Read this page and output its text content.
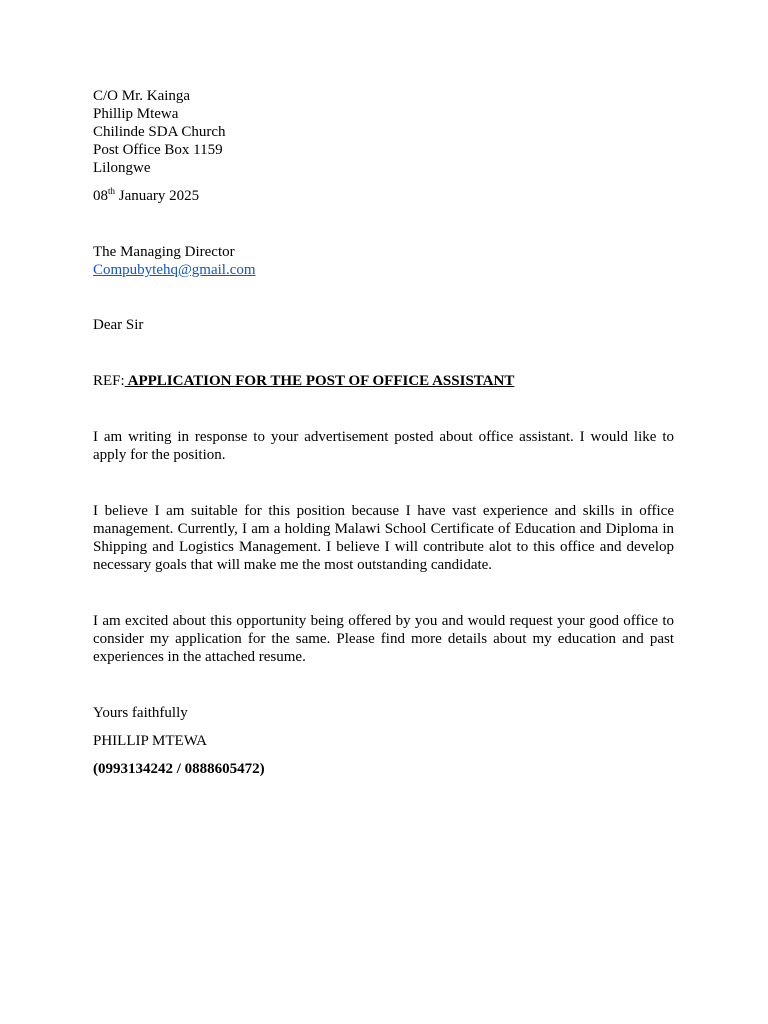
C/O Mr. Kainga
Phillip Mtewa
Chilinde SDA Church
Post Office Box 1159
Lilongwe
08th January 2025
The Managing Director
Compubytehq@gmail.com
Dear Sir
REF: APPLICATION FOR THE POST OF OFFICE ASSISTANT

I am writing in response to your advertisement posted about office assistant. I would like to apply for the position.

I believe I am suitable for this position because I have vast experience and skills in office management. Currently, I am a holding Malawi School Certificate of Education and Diploma in Shipping and Logistics Management. I believe I will contribute alot to this office and develop necessary goals that will make me the most outstanding candidate.

I am excited about this opportunity being offered by you and would request your good office to consider my application for the same. Please find more details about my education and past experiences in the attached resume.

Yours faithfully
PHILLIP MTEWA
(0993134242 / 0888605472)
